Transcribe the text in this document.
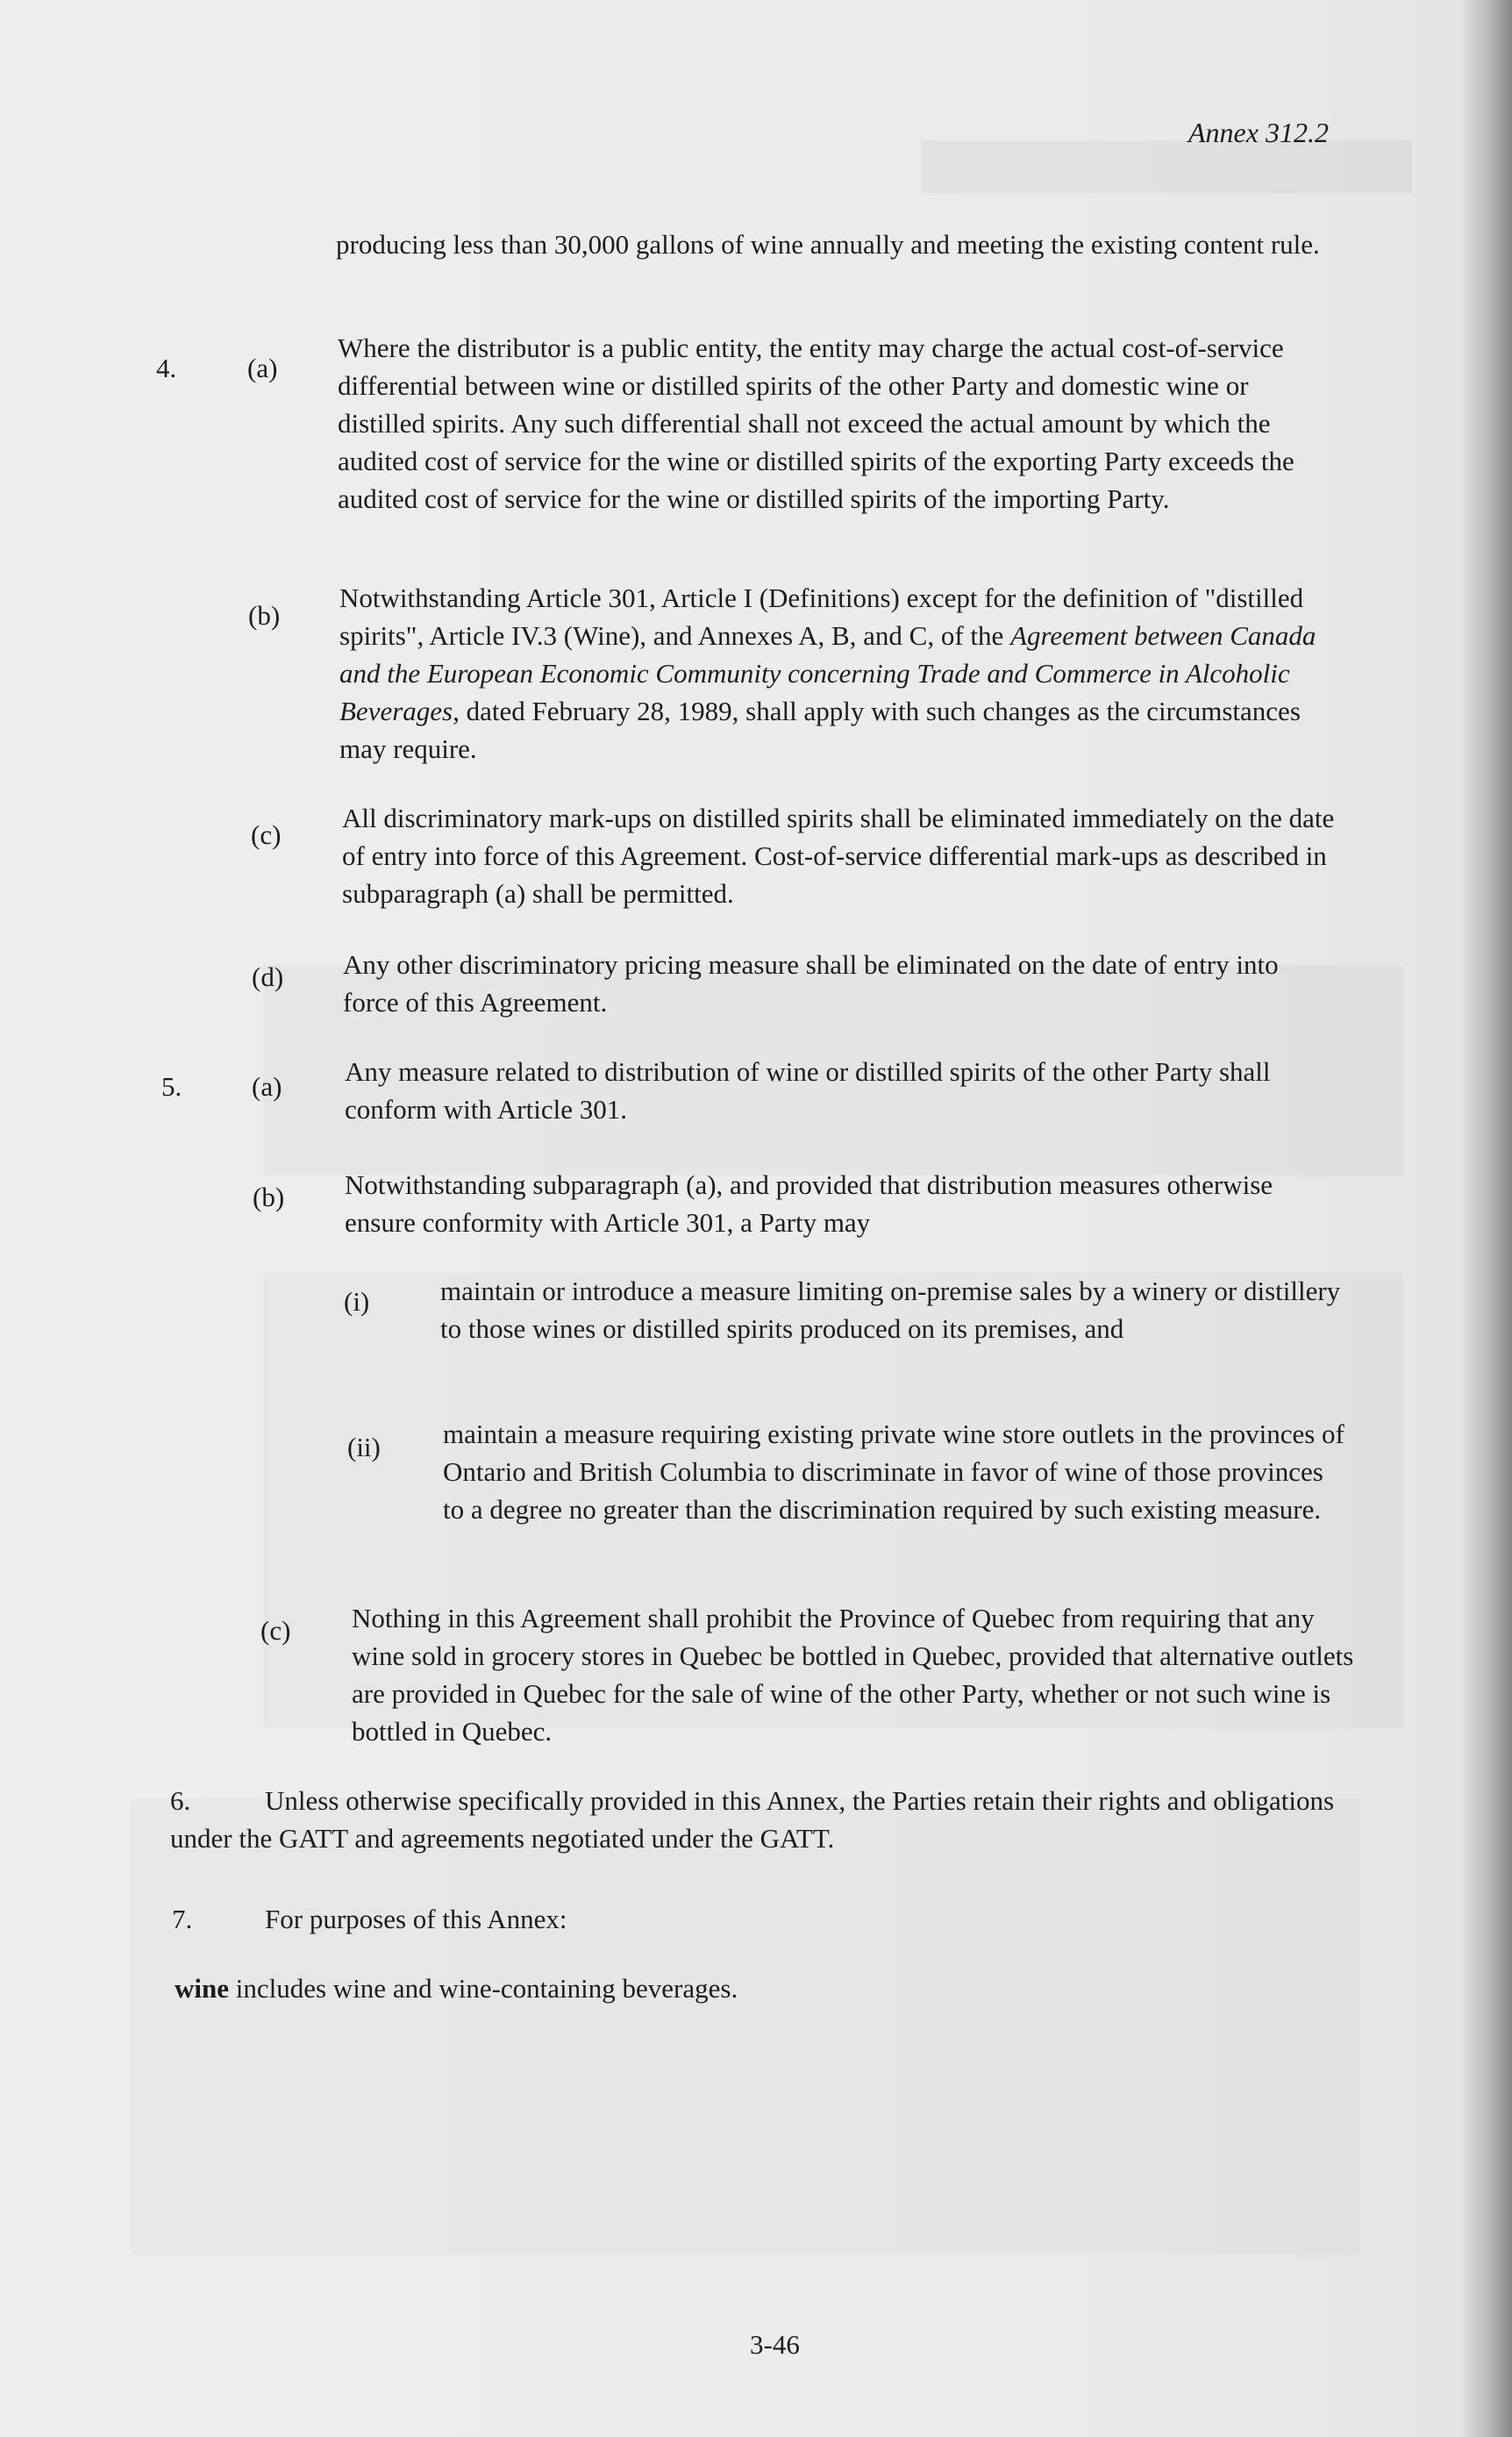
Annex 312.2
producing less than 30,000 gallons of wine annually and meeting the existing content rule.
4.	(a)
Where the distributor is a public entity, the entity may charge the actual cost-of-service differential between wine or distilled spirits of the other Party and domestic wine or distilled spirits. Any such differential shall not exceed the actual amount by which the audited cost of service for the wine or distilled spirits of the exporting Party exceeds the audited cost of service for the wine or distilled spirits of the importing Party.
(b)
Notwithstanding Article 301, Article I (Definitions) except for the definition of "distilled spirits", Article IV.3 (Wine), and Annexes A, B, and C, of the Agreement between Canada and the European Economic Community concerning Trade and Commerce in Alcoholic Beverages, dated February 28, 1989, shall apply with such changes as the circumstances may require.
(c)
All discriminatory mark-ups on distilled spirits shall be eliminated immediately on the date of entry into force of this Agreement. Cost-of-service differential mark-ups as described in subparagraph (a) shall be permitted.
(d) Any other discriminatory pricing measure shall be eliminated on the date of entry into force of this Agreement.
5.	(a) Any measure related to distribution of wine or distilled spirits of the other Party shall conform with Article 301.
(b) Notwithstanding subparagraph (a), and provided that distribution measures otherwise ensure conformity with Article 301, a Party may
(i)	maintain or introduce a measure limiting on-premise sales by a winery or distillery to those wines or distilled spirits produced on its premises, and
(ii) maintain a measure requiring existing private wine store outlets in the provinces of Ontario and British Columbia to discriminate in favor of wine of those provinces to a degree no greater than the discrimination required by such existing measure.
(c) Nothing in this Agreement shall prohibit the Province of Quebec from requiring that any wine sold in grocery stores in Quebec be bottled in Quebec, provided that alternative outlets are provided in Quebec for the sale of wine of the other Party, whether or not such wine is bottled in Quebec.
6.	Unless otherwise specifically provided in this Annex, the Parties retain their rights and obligations under the GATT and agreements negotiated under the GATT.
7.	For purposes of this Annex:
wine includes wine and wine-containing beverages.
3-46
